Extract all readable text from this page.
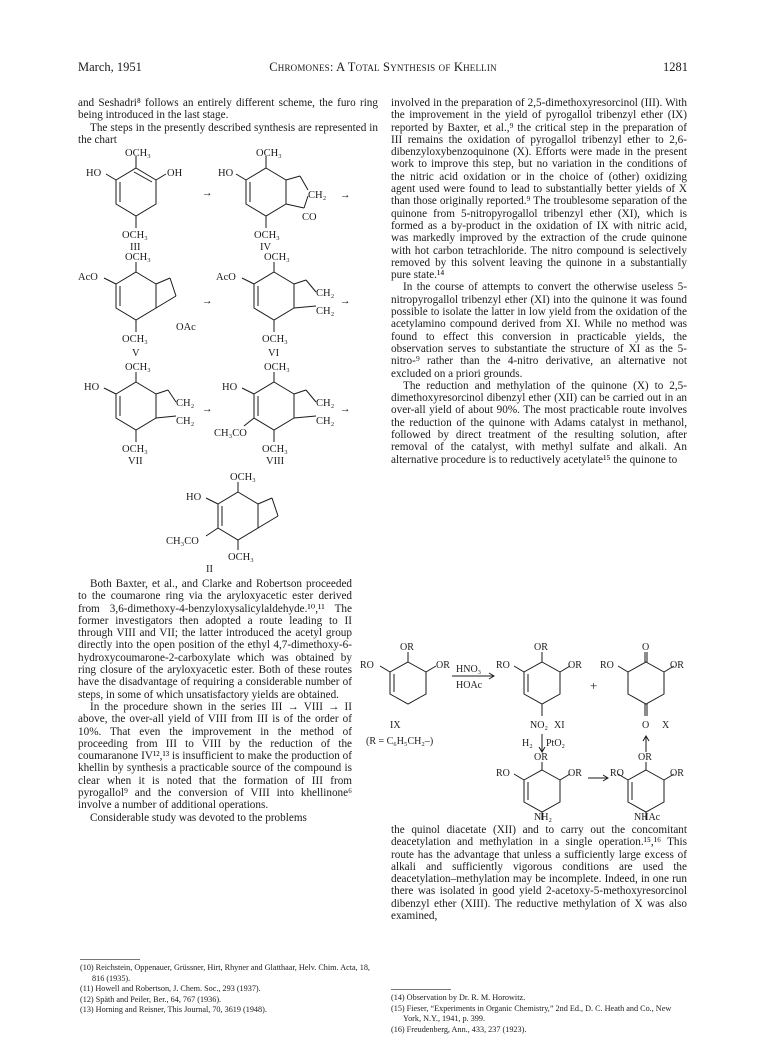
March, 1951	Chromones: A Total Synthesis of Khellin	1281

and Seshadri⁸ follows an entirely different scheme, the furo ring being introduced in the last stage.

The steps in the presently described synthesis are represented in the chart

OCH₃
HO	OH
OCH₃
III
→
OCH₃
HO
CH₂
CO
OCH₃
IV
→
OCH₃
AcO
OAc
OCH₃
V
→
OCH₃
AcO
CH₂
CH₂
OCH₃
VI
→
OCH₃
HO
CH₂
CH₂
OCH₃
VII
→
OCH₃
HO
CH₂
CH₂
CH₃CO
OCH₃
VIII
→
OCH₃
HO
CH₃CO
OCH₃
II

Both Baxter, et al., and Clarke and Robertson proceeded to the coumarone ring via the aryloxyacetic ester derived from 3,6-dimethoxy-4-benzyloxysalicylaldehyde.¹⁰,¹¹ The former investigators then adopted a route leading to II through VIII and VII; the latter introduced the acetyl group directly into the open position of the ethyl 4,7-dimethoxy-6-hydroxycoumarone-2-carboxylate which was obtained by ring closure of the aryloxyacetic ester. Both of these routes have the disadvantage of requiring a considerable number of steps, in some of which unsatisfactory yields are obtained.

In the procedure shown in the series III → VIII → II above, the over-all yield of VIII from III is of the order of 10%. That even the improvement in the method of proceeding from III to VIII by the reduction of the coumaranone IV¹²,¹³ is insufficient to make the production of khellin by synthesis a practicable source of the compound is clear when it is noted that the formation of III from pyrogallol⁹ and the conversion of VIII into khellinone⁶ involve a number of additional operations.

Considerable study was devoted to the problems

involved in the preparation of 2,5-dimethoxyresorcinol (III). With the improvement in the yield of pyrogallol tribenzyl ether (IX) reported by Baxter, et al.,⁹ the critical step in the preparation of III remains the oxidation of pyrogallol tribenzyl ether to 2,6-dibenzyloxybenzoquinone (X). Efforts were made in the present work to improve this step, but no variation in the conditions of the nitric acid oxidation or in the choice of (other) oxidizing agent used were found to lead to substantially better yields of X than those originally reported.⁹ The troublesome separation of the quinone from 5-nitropyrogallol tribenzyl ether (XI), which is formed as a by-product in the oxidation of IX with nitric acid, was markedly improved by the extraction of the crude quinone with hot carbon tetrachloride. The nitro compound is selectively removed by this solvent leaving the quinone in a substantially pure state.¹⁴

In the course of attempts to convert the otherwise useless 5-nitropyrogallol tribenzyl ether (XI) into the quinone it was found possible to isolate the latter in low yield from the oxidation of the acetylamino compound derived from XI. While no method was found to effect this conversion in practicable yields, the observation serves to substantiate the structure of XI as the 5-nitro-⁹ rather than the 4-nitro derivative, an alternative not excluded on a priori grounds.

The reduction and methylation of the quinone (X) to 2,5-dimethoxyresorcinol dibenzyl ether (XII) can be carried out in an over-all yield of about 90%. The most practicable route involves the reduction of the quinone with Adams catalyst in methanol, followed by direct treatment of the resulting solution, after removal of the catalyst, with methyl sulfate and alkali. An alternative procedure is to reductively acetylate¹⁵ the quinone to

OR
RO	OR
IX
HNO₃
HOAc
OR
RO	OR
NO₂ XI
+
O
RO	OR
O X
(R = C₆H₅CH₂–)	H₂ PtO₂
OR
RO	OR
OR
RO	OR
NH₂	NHAc

the quinol diacetate (XII) and to carry out the concomitant deacetylation and methylation in a single operation.¹⁵,¹⁶ This route has the advantage that unless a sufficiently large excess of alkali and sufficiently vigorous conditions are used the deacetylation–methylation may be incomplete. Indeed, in one run there was isolated in good yield 2-acetoxy-5-methoxyresorcinol dibenzyl ether (XIII). The reductive methylation of X was also examined,

(10) Reichstein, Oppenauer, Grüssner, Hirt, Rhyner and Glatthaar, Helv. Chim. Acta, 18, 816 (1935).
(11) Howell and Robertson, J. Chem. Soc., 293 (1937).
(12) Späth and Peiler, Ber., 64, 767 (1936).
(13) Horning and Reisner, This Journal, 70, 3619 (1948).
(14) Observation by Dr. R. M. Horowitz.
(15) Fieser, “Experiments in Organic Chemistry,” 2nd Ed., D. C. Heath and Co., New York, N.Y., 1941, p. 399.
(16) Freudenberg, Ann., 433, 237 (1923).
